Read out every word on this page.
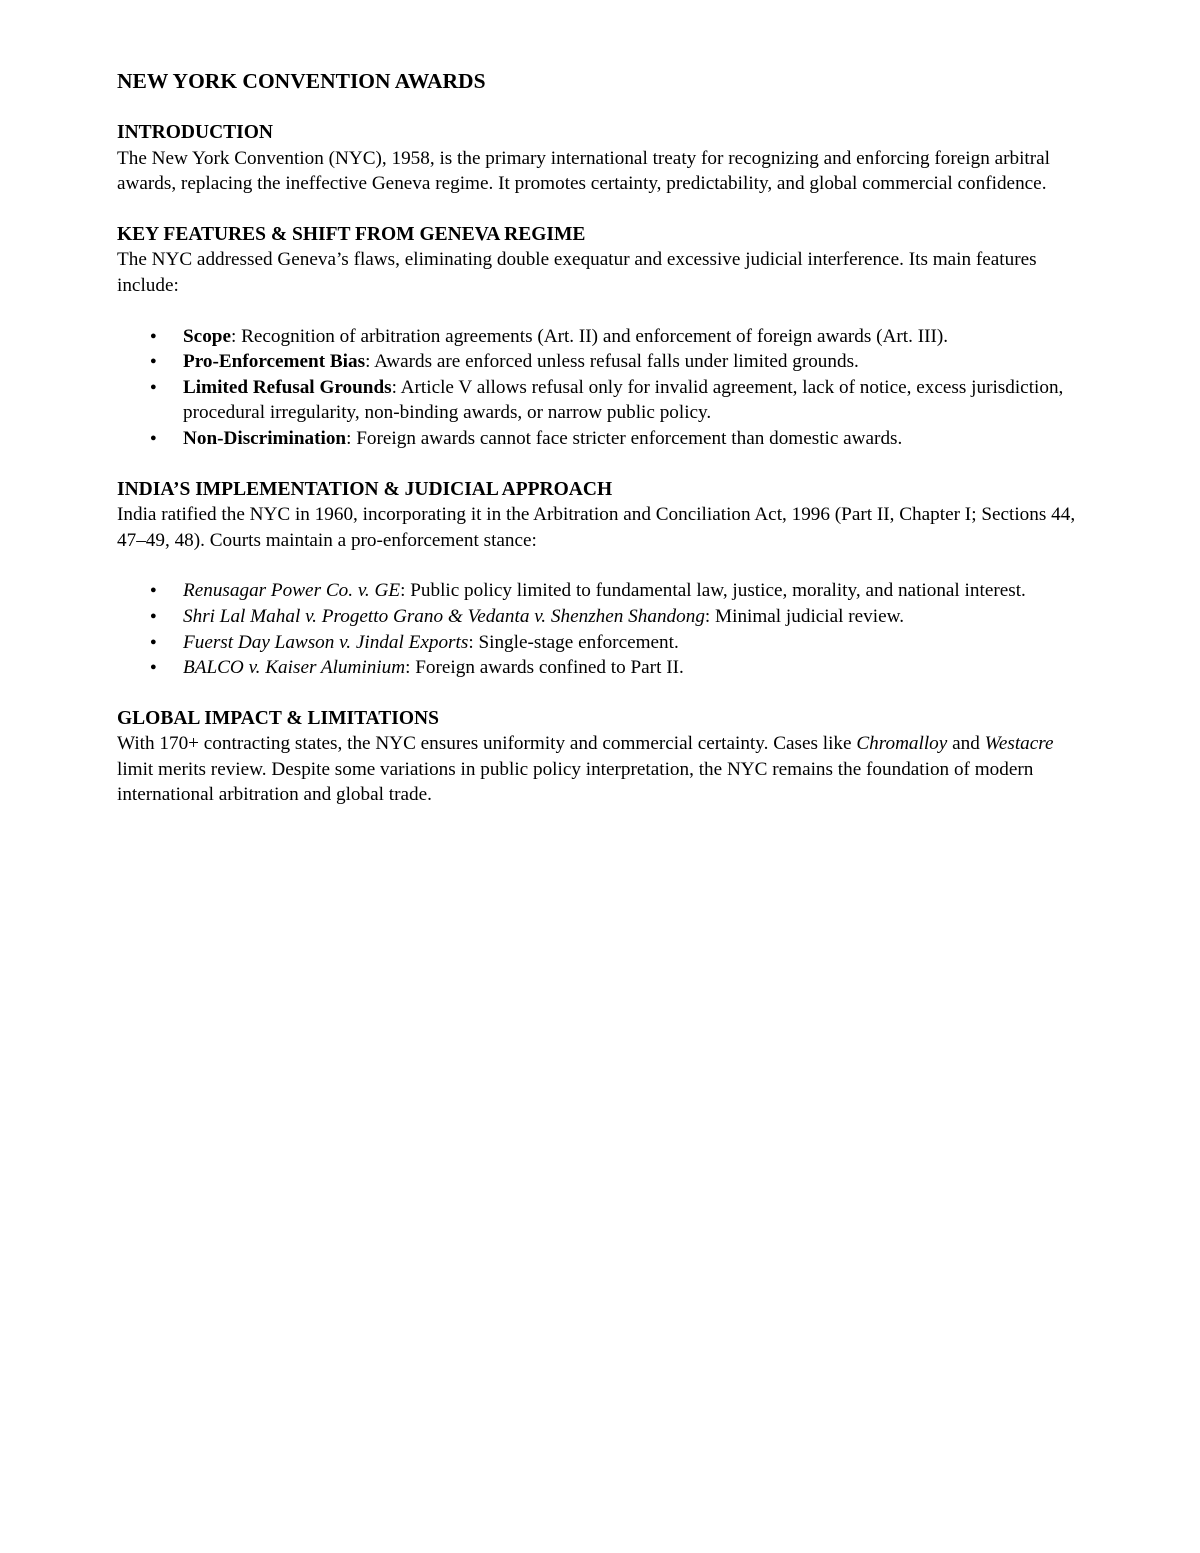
NEW YORK CONVENTION AWARDS
INTRODUCTION
The New York Convention (NYC), 1958, is the primary international treaty for recognizing and enforcing foreign arbitral awards, replacing the ineffective Geneva regime. It promotes certainty, predictability, and global commercial confidence.
KEY FEATURES & SHIFT FROM GENEVA REGIME
The NYC addressed Geneva’s flaws, eliminating double exequatur and excessive judicial interference. Its main features include:
● Scope: Recognition of arbitration agreements (Art. II) and enforcement of foreign awards (Art. III).
● Pro-Enforcement Bias: Awards are enforced unless refusal falls under limited grounds.
● Limited Refusal Grounds: Article V allows refusal only for invalid agreement, lack of notice, excess jurisdiction, procedural irregularity, non-binding awards, or narrow public policy.
● Non-Discrimination: Foreign awards cannot face stricter enforcement than domestic awards.
INDIA’S IMPLEMENTATION & JUDICIAL APPROACH
India ratified the NYC in 1960, incorporating it in the Arbitration and Conciliation Act, 1996 (Part II, Chapter I; Sections 44, 47–49, 48). Courts maintain a pro-enforcement stance:
● Renusagar Power Co. v. GE: Public policy limited to fundamental law, justice, morality, and national interest.
● Shri Lal Mahal v. Progetto Grano & Vedanta v. Shenzhen Shandong: Minimal judicial review.
● Fuerst Day Lawson v. Jindal Exports: Single-stage enforcement.
● BALCO v. Kaiser Aluminium: Foreign awards confined to Part II.
GLOBAL IMPACT & LIMITATIONS
With 170+ contracting states, the NYC ensures uniformity and commercial certainty. Cases like Chromalloy and Westacre limit merits review. Despite some variations in public policy interpretation, the NYC remains the foundation of modern international arbitration and global trade.
